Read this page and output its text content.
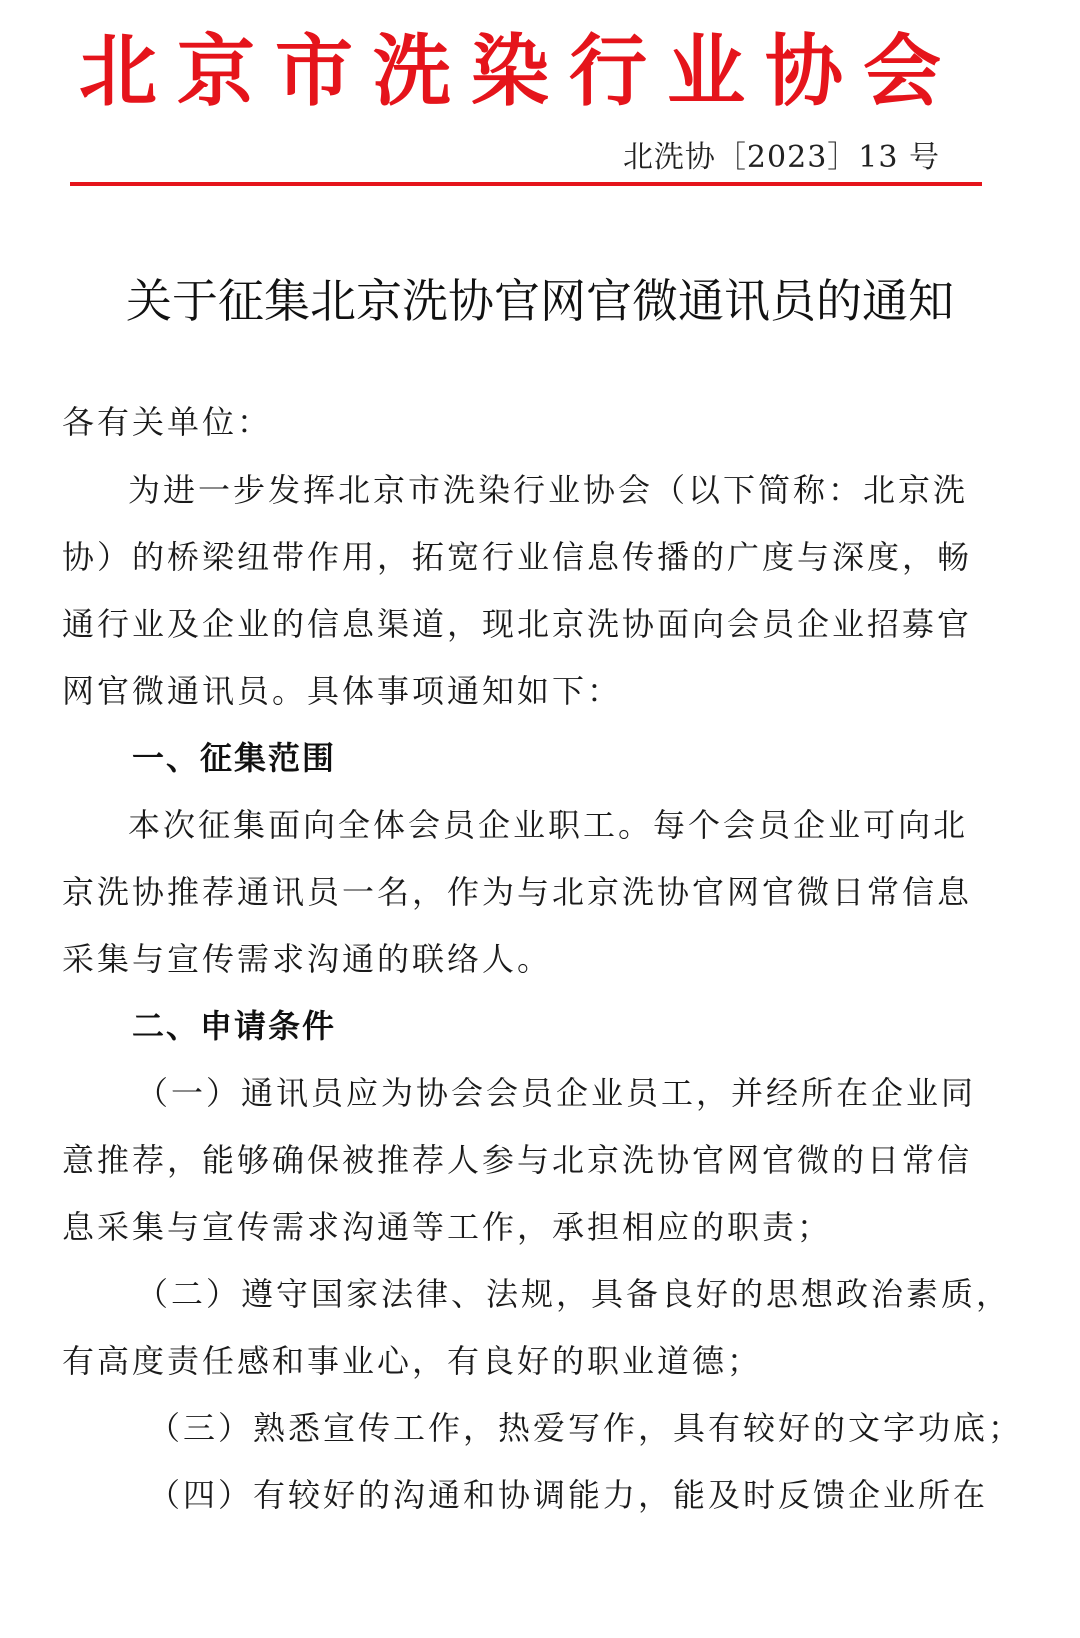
北京市洗染行业协会
北洗协［2023］13 号
关于征集北京洗协官网官微通讯员的通知
各有关单位：
为进一步发挥北京市洗染行业协会（以下简称：北京洗
协）的桥梁纽带作用，拓宽行业信息传播的广度与深度，畅
通行业及企业的信息渠道，现北京洗协面向会员企业招募官
网官微通讯员。具体事项通知如下：
一、征集范围
本次征集面向全体会员企业职工。每个会员企业可向北
京洗协推荐通讯员一名，作为与北京洗协官网官微日常信息
采集与宣传需求沟通的联络人。
二、申请条件
（一）通讯员应为协会会员企业员工，并经所在企业同
意推荐，能够确保被推荐人参与北京洗协官网官微的日常信
息采集与宣传需求沟通等工作，承担相应的职责；
（二）遵守国家法律、法规，具备良好的思想政治素质，
有高度责任感和事业心，有良好的职业道德；
（三）熟悉宣传工作，热爱写作，具有较好的文字功底；
（四）有较好的沟通和协调能力，能及时反馈企业所在
